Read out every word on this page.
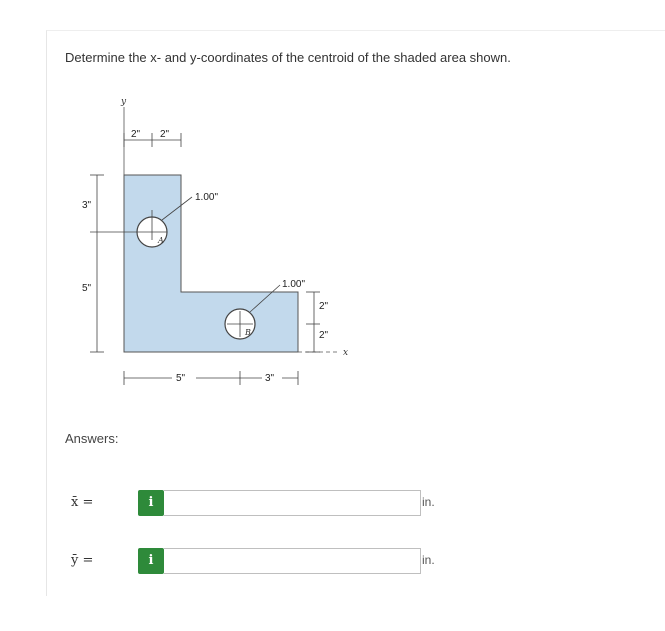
Determine the x- and y-coordinates of the centroid of the shaded area shown.
A
B
y
x
2" 2"
3"
5"
1.00"
1.00"
2"
2"
5"	3"
Answers:
x̄ =	i	in.
ȳ =	i	in.
